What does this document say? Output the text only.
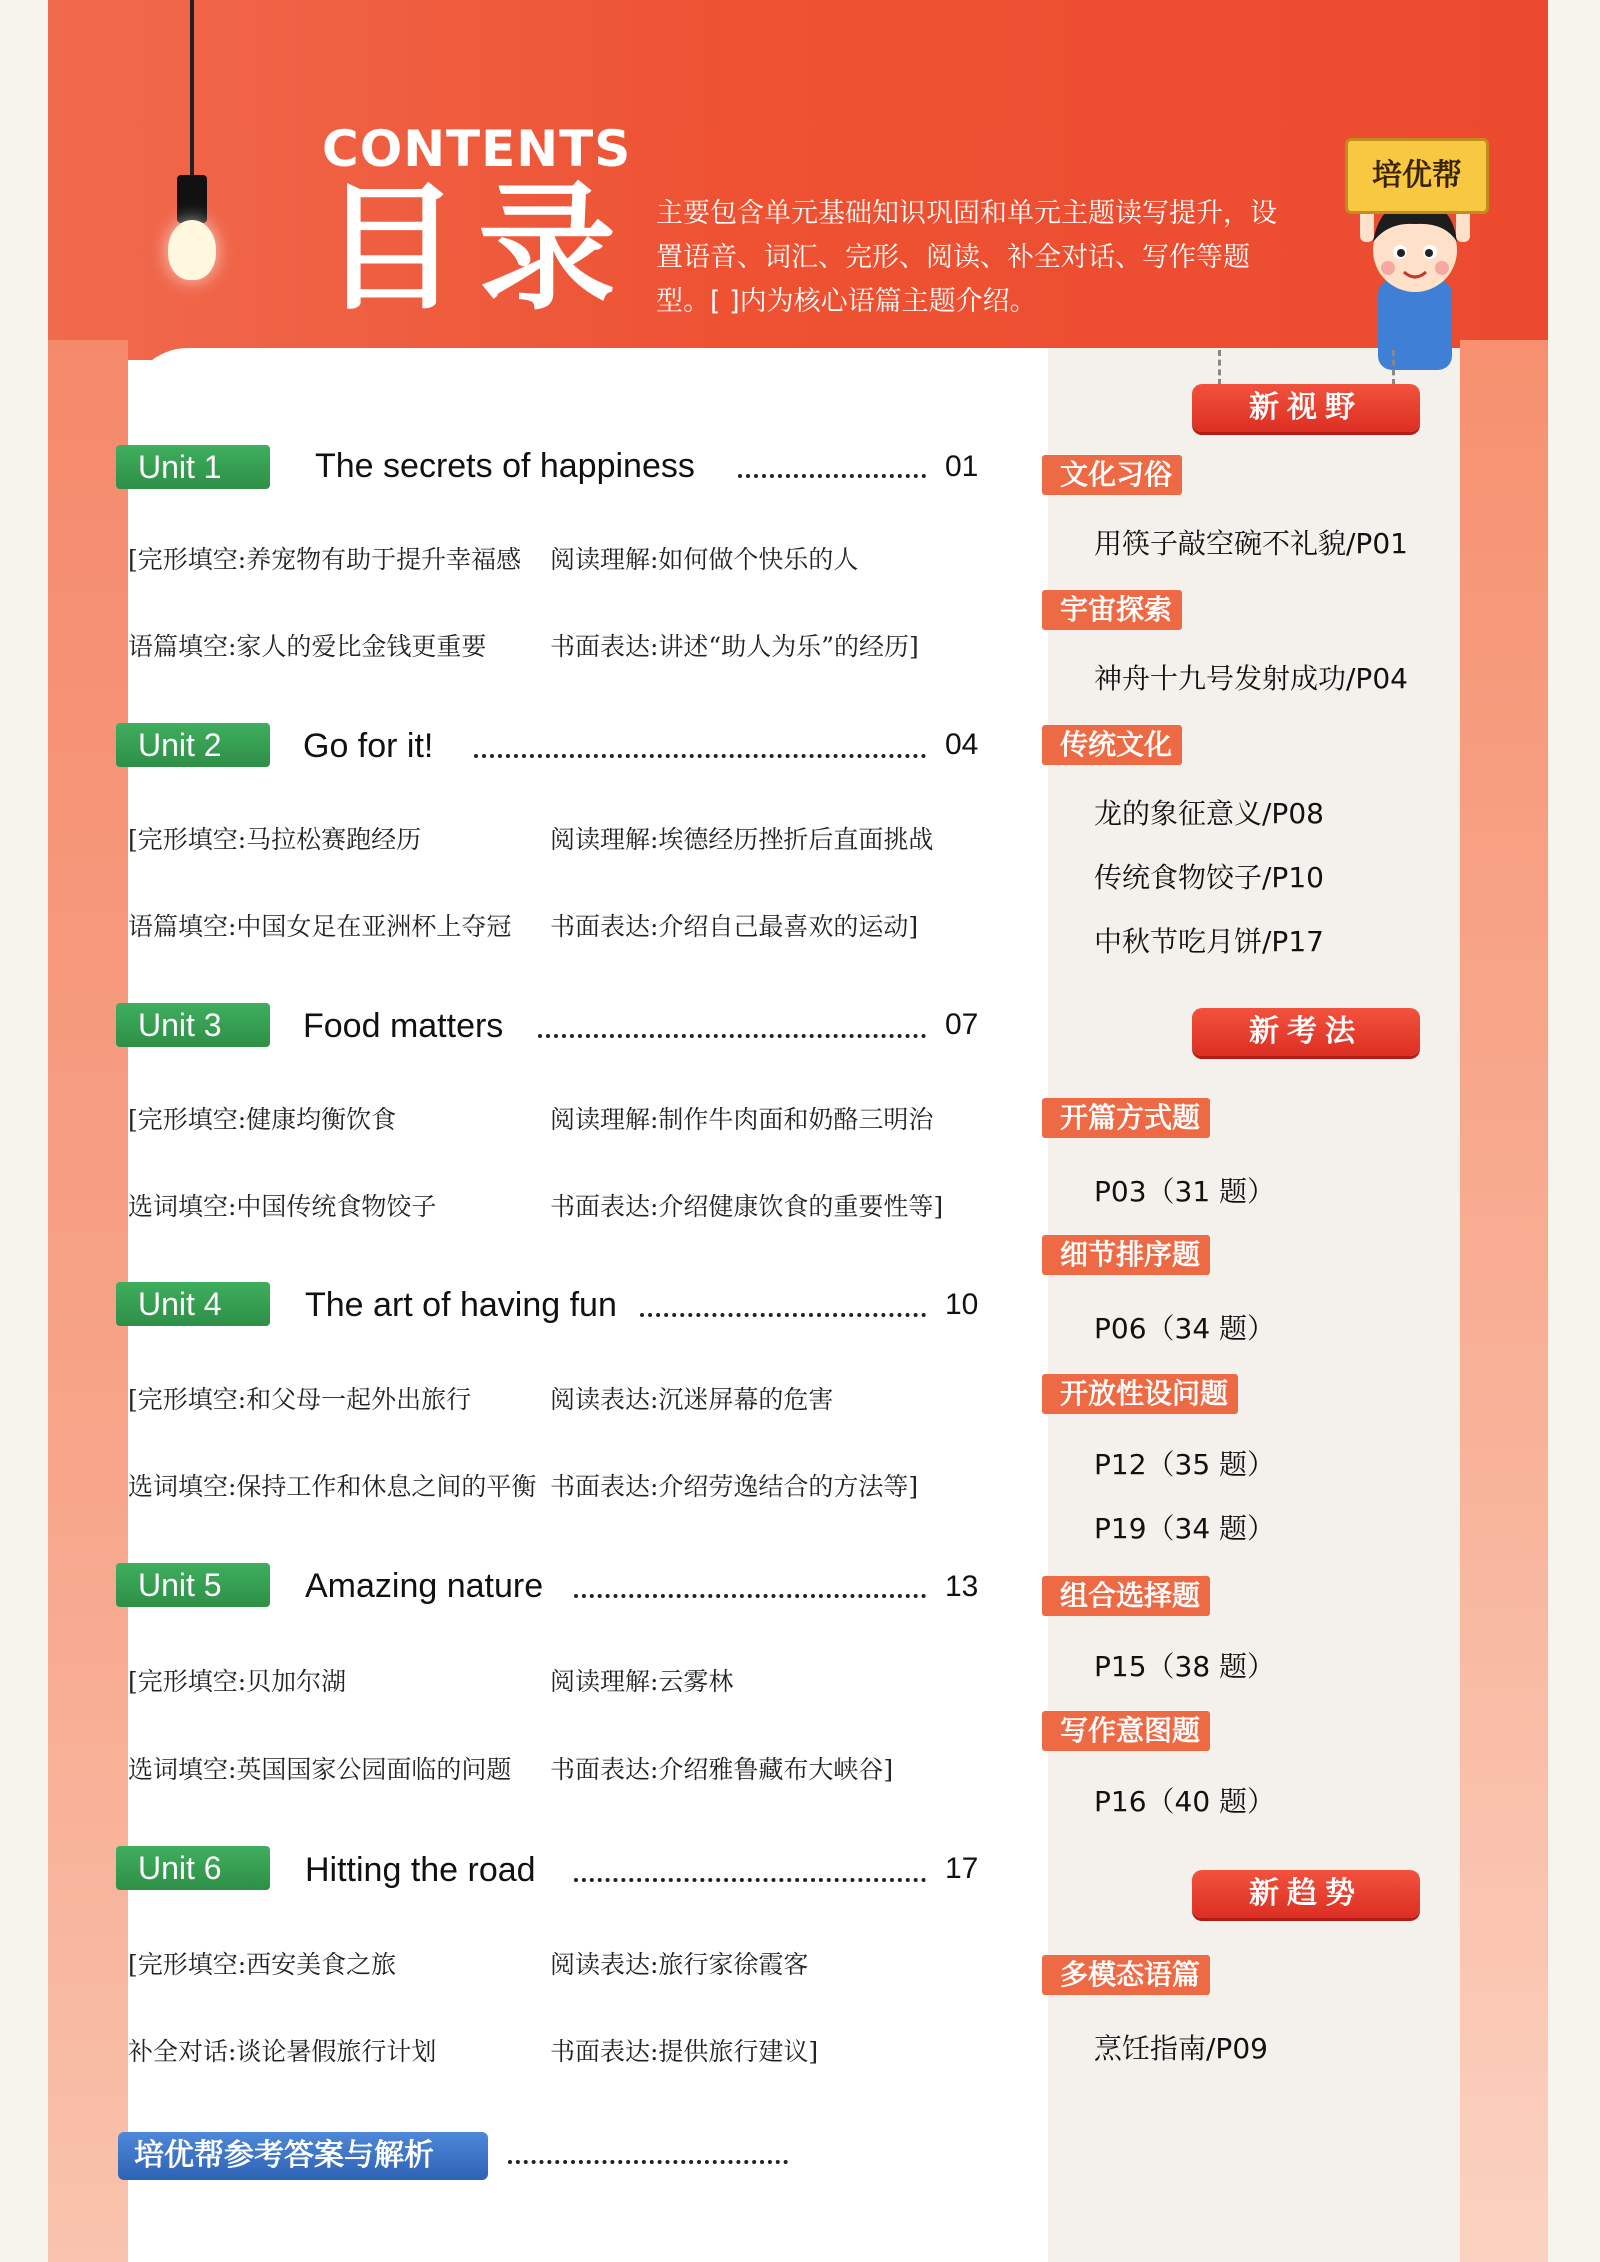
CONTENTS
目录 主要包含单元基础知识巩固和单元主题读写提升，设置语音、词汇、完形、阅读、补全对话、写作等题型。[ ]内为核心语篇主题介绍。
培优帮
Unit 1	The secrets of happiness	01
[完形填空:养宠物有助于提升幸福感 阅读理解:如何做个快乐的人
语篇填空:家人的爱比金钱更重要	书面表达:讲述“助人为乐”的经历]
Unit 2	Go for it!	04
[完形填空:马拉松赛跑经历	阅读理解:埃德经历挫折后直面挑战
语篇填空:中国女足在亚洲杯上夺冠 书面表达:介绍自己最喜欢的运动]
Unit 3	Food matters	07
[完形填空:健康均衡饮食	阅读理解:制作牛肉面和奶酪三明治
选词填空:中国传统食物饺子	书面表达:介绍健康饮食的重要性等]
Unit 4	The art of having fun	10
[完形填空:和父母一起外出旅行	阅读表达:沉迷屏幕的危害
选词填空:保持工作和休息之间的平衡 书面表达:介绍劳逸结合的方法等]
Unit 5	Amazing nature	13
[完形填空:贝加尔湖	阅读理解:云雾林
选词填空:英国国家公园面临的问题 书面表达:介绍雅鲁藏布大峡谷]
Unit 6	Hitting the road	17
[完形填空:西安美食之旅	阅读表达:旅行家徐霞客
补全对话:谈论暑假旅行计划	书面表达:提供旅行建议]
培优帮参考答案与解析
新视野
文化习俗
用筷子敲空碗不礼貌/P01
宇宙探索
神舟十九号发射成功/P04
传统文化
龙的象征意义/P08
传统食物饺子/P10
中秋节吃月饼/P17
新考法
开篇方式题
P03（31 题）
细节排序题
P06（34 题）
开放性设问题
P12（35 题）
P19（34 题）
组合选择题
P15（38 题）
写作意图题
P16（40 题）
新趋势
多模态语篇
烹饪指南/P09
